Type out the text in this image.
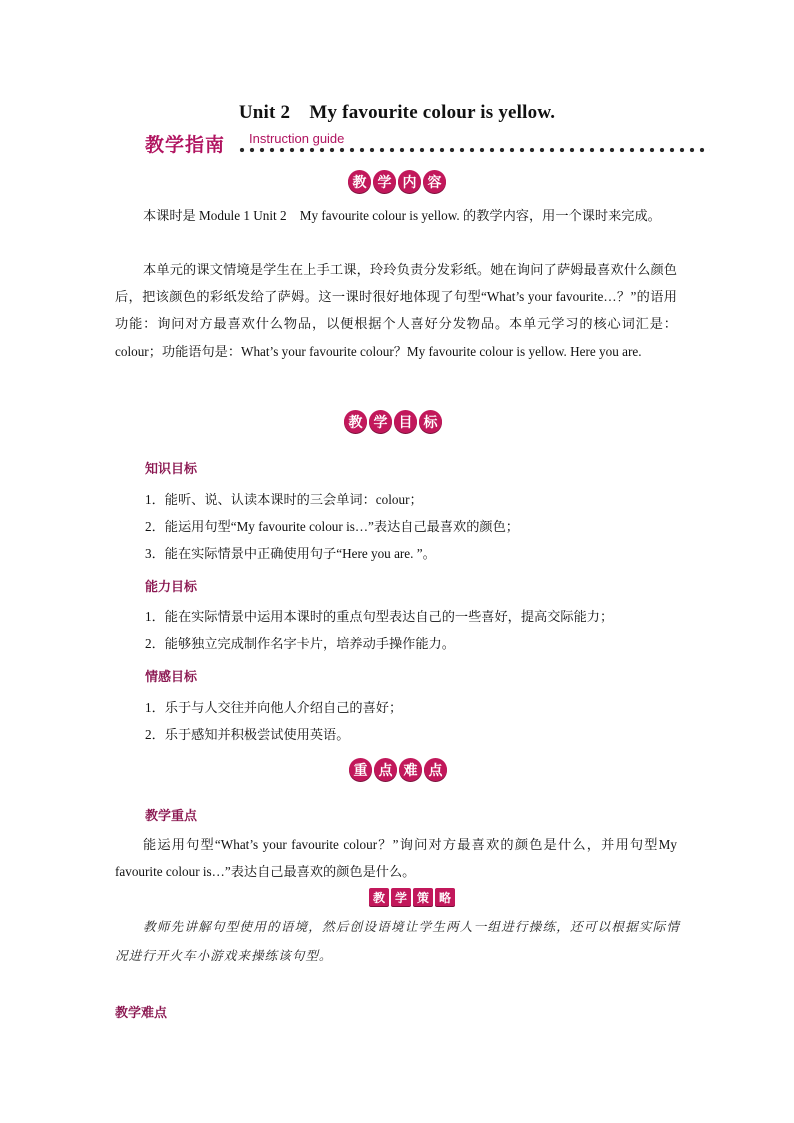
Unit 2　My favourite colour is yellow.
教学指南 Instruction guide
教 学 内 容
本课时是 Module 1 Unit 2　My favourite colour is yellow. 的教学内容，用一个课时来完成。
本单元的课文情境是学生在上手工课，玲玲负责分发彩纸。她在询问了萨姆最喜欢什么颜色后，把该颜色的彩纸发给了萨姆。这一课时很好地体现了句型“What’s your favourite…？”的语用功能：询问对方最喜欢什么物品，以便根据个人喜好分发物品。本单元学习的核心词汇是：colour；功能语句是：What’s your favourite colour？My favourite colour is yellow. Here you are.
教 学 目 标
知识目标
1．能听、说、认读本课时的三会单词：colour；
2．能运用句型“My favourite colour is…”表达自己最喜欢的颜色；
3．能在实际情景中正确使用句子“Here you are. ”。
能力目标
1．能在实际情景中运用本课时的重点句型表达自己的一些喜好，提高交际能力；
2．能够独立完成制作名字卡片，培养动手操作能力。
情感目标
1．乐于与人交往并向他人介绍自己的喜好；
2．乐于感知并积极尝试使用英语。
重 点 难 点
教学重点
能运用句型“What’s your favourite colour？”询问对方最喜欢的颜色是什么，并用句型My favourite colour is…”表达自己最喜欢的颜色是什么。
教 学 策 略
教师先讲解句型使用的语境，然后创设语境让学生两人一组进行操练，还可以根据实际情况进行开火车小游戏来操练该句型。
教学难点
